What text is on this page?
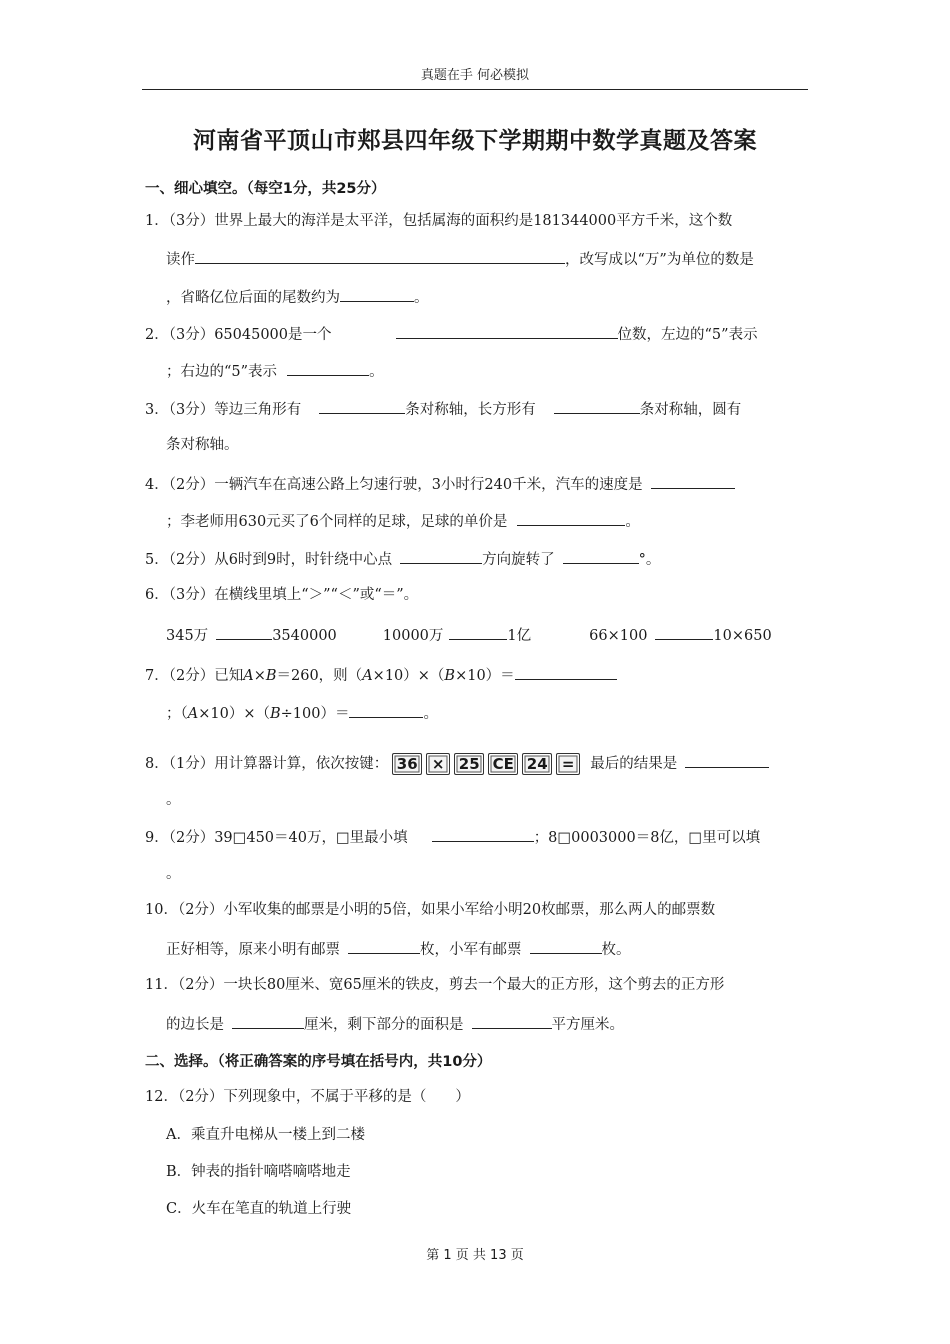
真题在手 何必模拟
河南省平顶山市郏县四年级下学期期中数学真题及答案
一、细心填空。（每空1分，共25分）
1．（3分）世界上最大的海洋是太平洋，包括属海的面积约是181344000平方千米，这个数
读作	，改写成以“万”为单位的数是
，省略亿位后面的尾数约为	。
2．（3分）65045000是一个	位数，左边的“5”表示
；右边的“5”表示	。
3．（3分）等边三角形有	条对称轴，长方形有	条对称轴，圆有
条对称轴。
4．（2分）一辆汽车在高速公路上匀速行驶，3小时行240千米，汽车的速度是
；李老师用630元买了6个同样的足球，足球的单价是	。
5．（2分）从6时到9时，时针绕中心点	方向旋转了	°。
6．（3分）在横线里填上“＞”“＜”或“＝”。
345万	3540000	10000万	1亿	66×100	10×650
7．（2分）已知A×B＝260，则（A×10）×（B×10）＝
；（A×10）×（B÷100）＝	。
8．（1分）用计算器计算，依次按键： 36 × 25 CE 24 = 最后的结果是
。
9．（2分）39□450＝40万，□里最小填	；8□0003000＝8亿，□里可以填
。
10．（2分）小军收集的邮票是小明的5倍，如果小军给小明20枚邮票，那么两人的邮票数
正好相等，原来小明有邮票	枚，小军有邮票	枚。
11．（2分）一块长80厘米、宽65厘米的铁皮，剪去一个最大的正方形，这个剪去的正方形
的边长是	厘米，剩下部分的面积是	平方厘米。
二、选择。（将正确答案的序号填在括号内，共10分）
12．（2分）下列现象中，不属于平移的是（　　）
A．乘直升电梯从一楼上到二楼
B．钟表的指针嘀嗒嘀嗒地走
C．火车在笔直的轨道上行驶
第 1 页 共 13 页
